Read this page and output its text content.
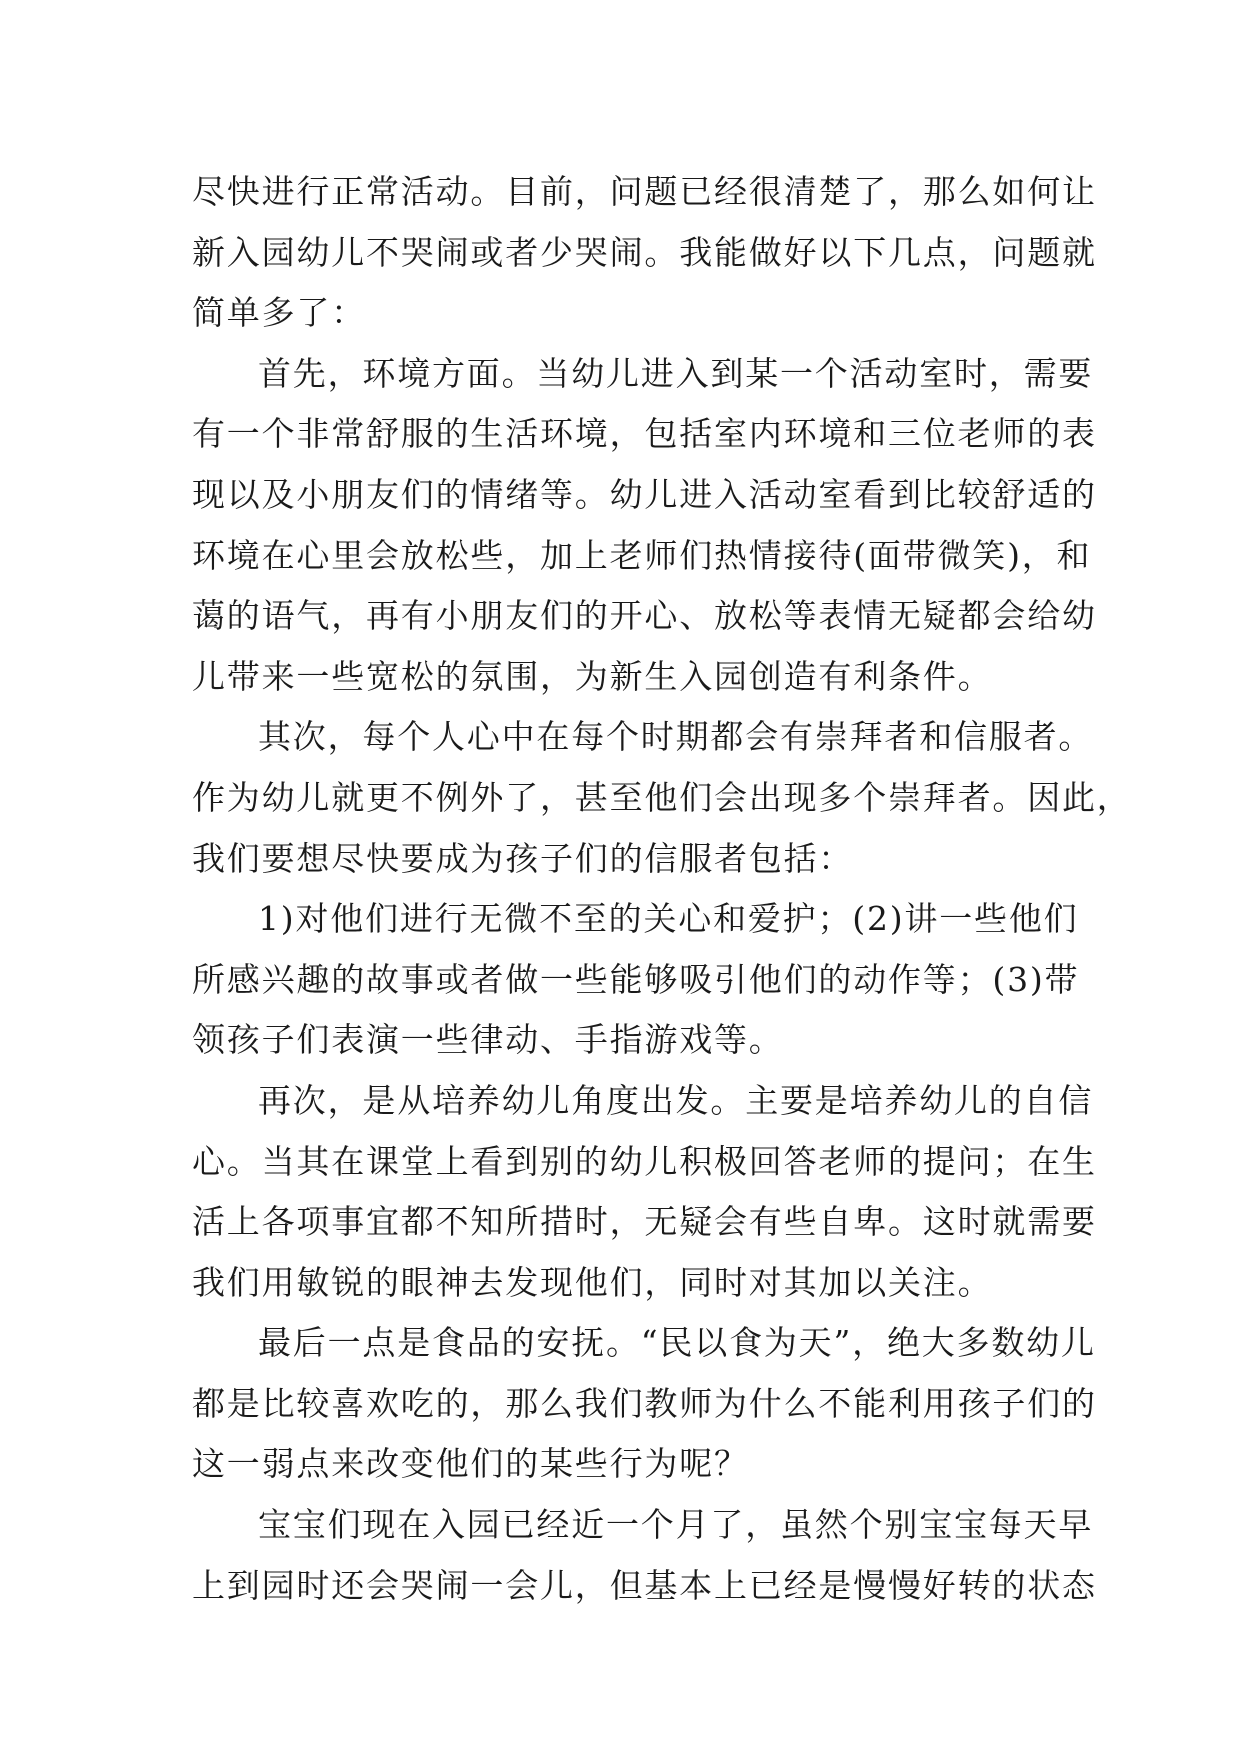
尽快进行正常活动。目前，问题已经很清楚了，那么如何让
新入园幼儿不哭闹或者少哭闹。我能做好以下几点，问题就
简单多了：
首先，环境方面。当幼儿进入到某一个活动室时，需要
有一个非常舒服的生活环境，包括室内环境和三位老师的表
现以及小朋友们的情绪等。幼儿进入活动室看到比较舒适的
环境在心里会放松些，加上老师们热情接待(面带微笑)，和
蔼的语气，再有小朋友们的开心、放松等表情无疑都会给幼
儿带来一些宽松的氛围，为新生入园创造有利条件。
其次，每个人心中在每个时期都会有崇拜者和信服者。
作为幼儿就更不例外了，甚至他们会出现多个崇拜者。因此，
我们要想尽快要成为孩子们的信服者包括：
1)对他们进行无微不至的关心和爱护；(2)讲一些他们
所感兴趣的故事或者做一些能够吸引他们的动作等；(3)带
领孩子们表演一些律动、手指游戏等。
再次，是从培养幼儿角度出发。主要是培养幼儿的自信
心。当其在课堂上看到别的幼儿积极回答老师的提问；在生
活上各项事宜都不知所措时，无疑会有些自卑。这时就需要
我们用敏锐的眼神去发现他们，同时对其加以关注。
最后一点是食品的安抚。“民以食为天”，绝大多数幼儿
都是比较喜欢吃的，那么我们教师为什么不能利用孩子们的
这一弱点来改变他们的某些行为呢？
宝宝们现在入园已经近一个月了，虽然个别宝宝每天早
上到园时还会哭闹一会儿，但基本上已经是慢慢好转的状态
